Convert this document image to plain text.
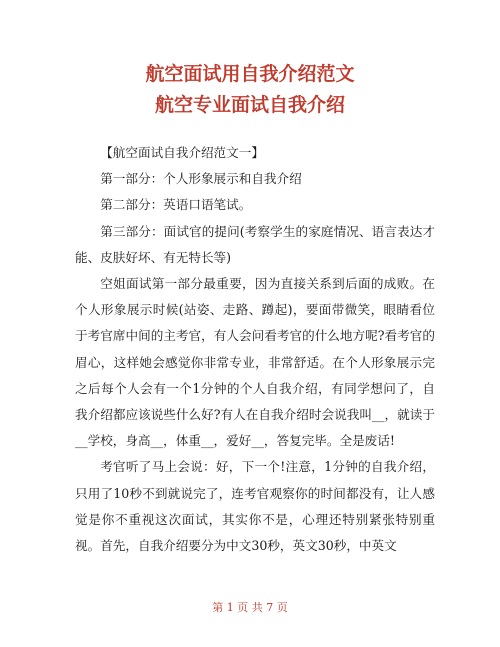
航空面试用自我介绍范文
航空专业面试自我介绍

【航空面试自我介绍范文一】

第一部分：个人形象展示和自我介绍

第二部分：英语口语笔试。

第三部分：面试官的提问(考察学生的家庭情况、语言表达才能、皮肤好坏、有无特长等)

空姐面试第一部分最重要，因为直接关系到后面的成败。在个人形象展示时候(站姿、走路、蹲起)，要面带微笑，眼睛看位于考官席中间的主考官，有人会问看考官的什么地方呢?看考官的眉心，这样她会感觉你非常专业，非常舒适。在个人形象展示完之后每个人会有一个1分钟的个人自我介绍，有同学想问了，自我介绍都应该说些什么好?有人在自我介绍时会说我叫__，就读于__学校，身高__，体重__，爱好__，答复完毕。全是废话!

考官听了马上会说：好，下一个!注意，1分钟的自我介绍，只用了10秒不到就说完了，连考官观察你的时间都没有，让人感觉是你不重视这次面试，其实你不是，心理还特别紧张特别重视。首先，自我介绍要分为中文30秒，英文30秒，中英文

第 1 页 共 7 页
